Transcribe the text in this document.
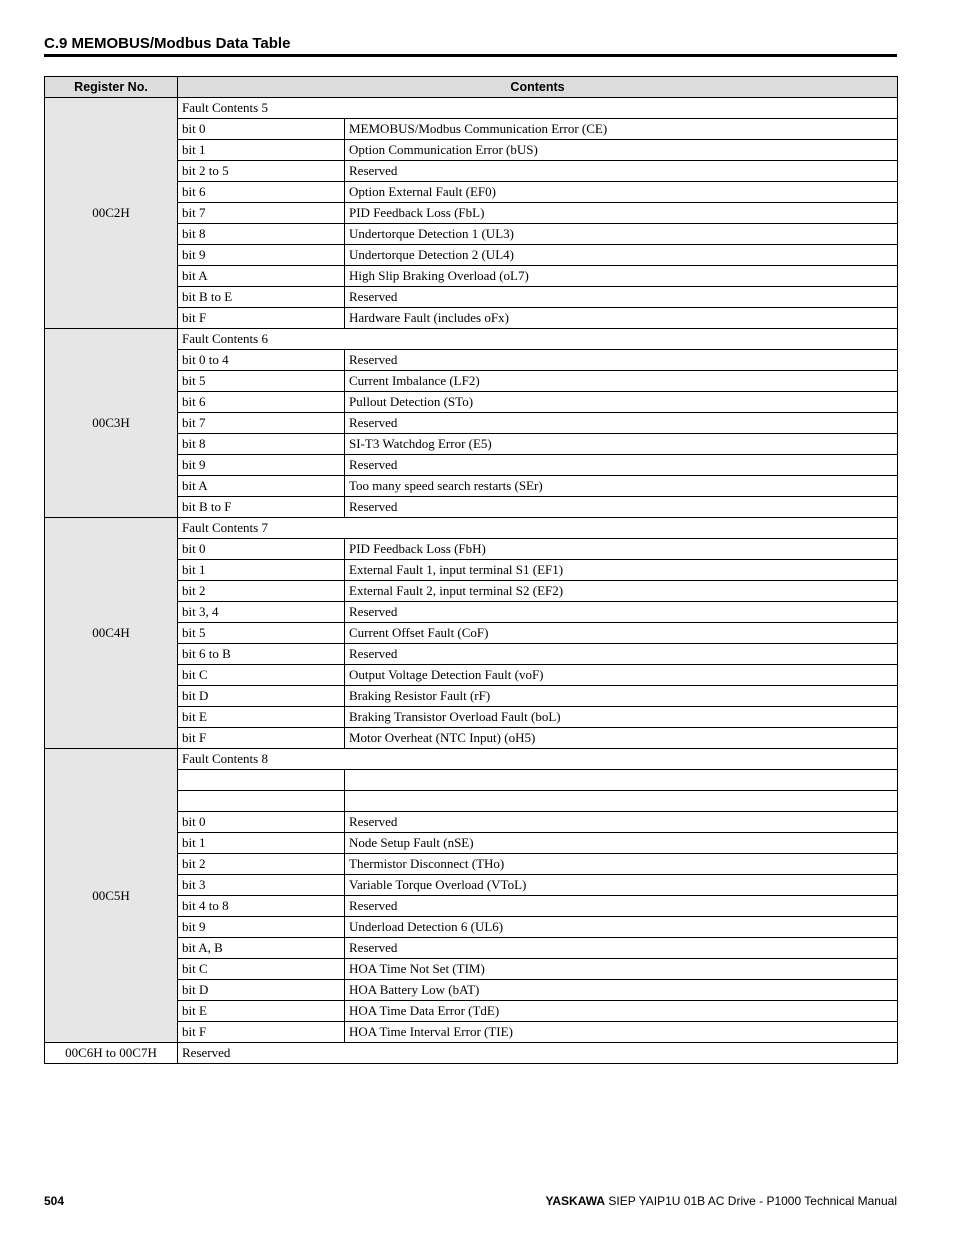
C.9 MEMOBUS/Modbus Data Table
Register No.	Contents	
00C2H	Fault Contents 5	
	bit 0	MEMOBUS/Modbus Communication Error (CE)
	bit 1	Option Communication Error (bUS)
	bit 2 to 5	Reserved
	bit 6	Option External Fault (EF0)
	bit 7	PID Feedback Loss (FbL)
	bit 8	Undertorque Detection 1 (UL3)
	bit 9	Undertorque Detection 2 (UL4)
	bit A	High Slip Braking Overload (oL7)
	bit B to E	Reserved
	bit F	Hardware Fault (includes oFx)
00C3H	Fault Contents 6	
	bit 0 to 4	Reserved
	bit 5	Current Imbalance (LF2)
	bit 6	Pullout Detection (STo)
	bit 7	Reserved
	bit 8	SI-T3 Watchdog Error (E5)
	bit 9	Reserved
	bit A	Too many speed search restarts (SEr)
	bit B to F	Reserved
00C4H	Fault Contents 7	
	bit 0	PID Feedback Loss (FbH)
	bit 1	External Fault 1, input terminal S1 (EF1)
	bit 2	External Fault 2, input terminal S2 (EF2)
	bit 3, 4	Reserved
	bit 5	Current Offset Fault (CoF)
	bit 6 to B	Reserved
	bit C	Output Voltage Detection Fault (voF)
	bit D	Braking Resistor Fault (rF)
	bit E	Braking Transistor Overload Fault (boL)
	bit F	Motor Overheat (NTC Input) (oH5)
00C5H	Fault Contents 8	

	bit 0	Reserved
	bit 1	Node Setup Fault (nSE)
	bit 2	Thermistor Disconnect (THo)
	bit 3	Variable Torque Overload (VToL)
	bit 4 to 8	Reserved
	bit 9	Underload Detection 6 (UL6)
	bit A, B	Reserved
	bit C	HOA Time Not Set (TIM)
	bit D	HOA Battery Low (bAT)
	bit E	HOA Time Data Error (TdE)
	bit F	HOA Time Interval Error (TIE)
00C6H to 00C7H	Reserved	
504	YASKAWA SIEP YAIP1U 01B AC Drive - P1000 Technical Manual
